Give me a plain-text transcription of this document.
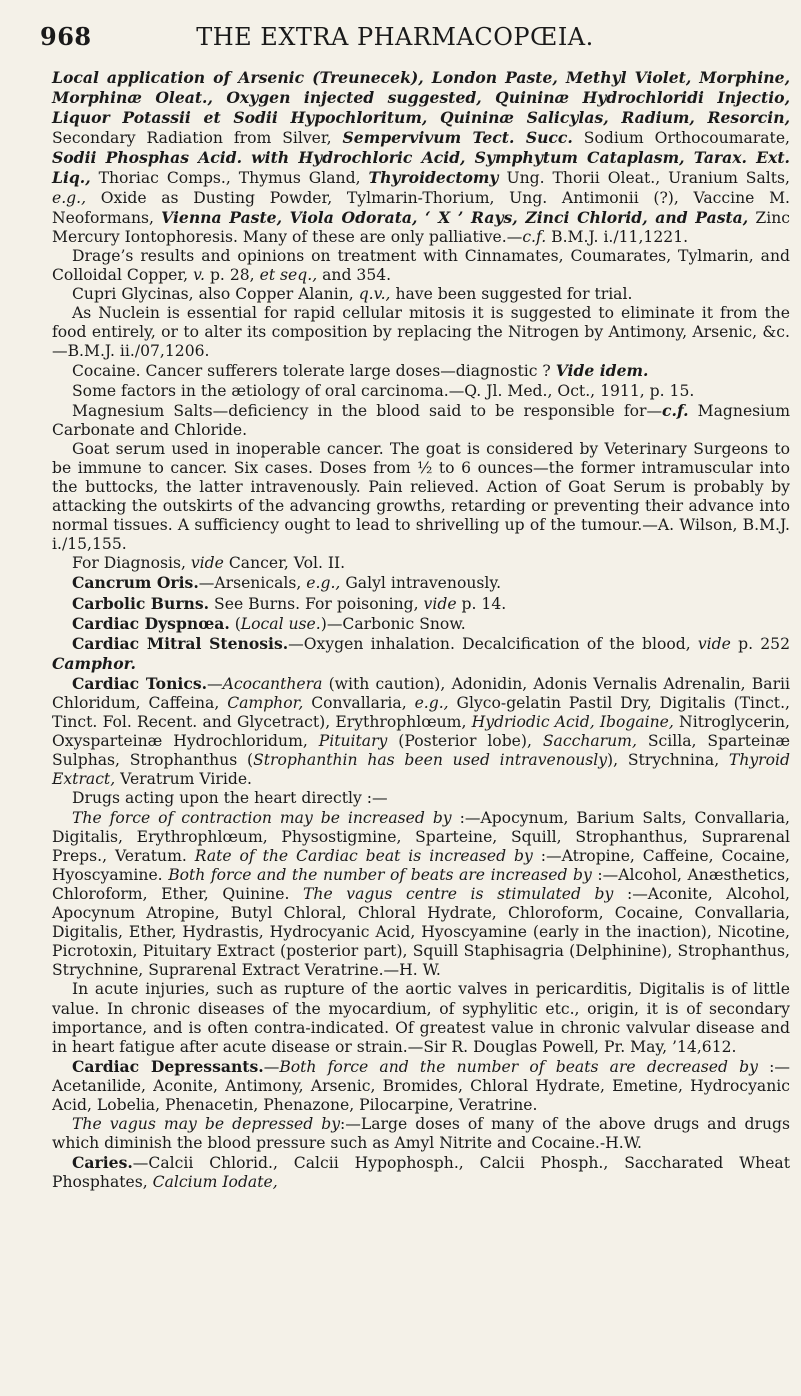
968	THE EXTRA PHARMACOPŒIA.

Local application of Arsenic (Treunecek), London Paste, Methyl Violet, Morphine, Morphinæ Oleat., Oxygen injected suggested, Quininæ Hydrochloridi Injectio, Liquor Potassii et Sodii Hypochloritum, Quininæ Salicylas, Radium, Resorcin, Secondary Radiation from Silver, Sempervivum Tect. Succ. Sodium Orthocoumarate, Sodii Phosphas Acid. with Hydrochloric Acid, Symphytum Cataplasm, Tarax. Ext. Liq., Thoriac Comps., Thymus Gland, Thyroidectomy Ung. Thorii Oleat., Uranium Salts, e.g., Oxide as Dusting Powder, Tylmarin-Thorium, Ung. Antimonii (?), Vaccine M. Neoformans, Vienna Paste, Viola Odorata, ‘ X ’ Rays, Zinci Chlorid, and Pasta, Zinc Mercury Iontophoresis. Many of these are only palliative.—c.f. B.M.J. i./11,1221.

Drage’s results and opinions on treatment with Cinnamates, Coumarates, Tylmarin, and Colloidal Copper, v. p. 28, et seq., and 354.

Cupri Glycinas, also Copper Alanin, q.v., have been suggested for trial.

As Nuclein is essential for rapid cellular mitosis it is suggested to eliminate it from the food entirely, or to alter its composition by replacing the Nitrogen by Antimony, Arsenic, &c.—B.M.J. ii./07,1206.

Cocaine. Cancer sufferers tolerate large doses—diagnostic ? Vide idem.

Some factors in the ætiology of oral carcinoma.—Q. Jl. Med., Oct., 1911, p. 15.

Magnesium Salts—deficiency in the blood said to be responsible for—c.f. Magnesium Carbonate and Chloride.

Goat serum used in inoperable cancer. The goat is considered by Veterinary Surgeons to be immune to cancer. Six cases. Doses from ½ to 6 ounces—the former intramuscular into the buttocks, the latter intravenously. Pain relieved. Action of Goat Serum is probably by attacking the outskirts of the advancing growths, retarding or preventing their advance into normal tissues. A sufficiency ought to lead to shrivelling up of the tumour.—A. Wilson, B.M.J. i./15,155.

For Diagnosis, vide Cancer, Vol. II.

Cancrum Oris.—Arsenicals, e.g., Galyl intravenously.

Carbolic Burns. See Burns. For poisoning, vide p. 14.

Cardiac Dyspnœa. (Local use.)—Carbonic Snow.

Cardiac Mitral Stenosis.—Oxygen inhalation. Decalcification of the blood, vide p. 252 Camphor.

Cardiac Tonics.—Acocanthera (with caution), Adonidin, Adonis Vernalis Adrenalin, Barii Chloridum, Caffeina, Camphor, Convallaria, e.g., Glyco-gelatin Pastil Dry, Digitalis (Tinct., Tinct. Fol. Recent. and Glycetract), Erythrophlœum, Hydriodic Acid, Ibogaine, Nitroglycerin, Oxysparteinæ Hydrochloridum, Pituitary (Posterior lobe), Saccharum, Scilla, Sparteinæ Sulphas, Strophanthus (Strophanthin has been used intravenously), Strychnina, Thyroid Extract, Veratrum Viride.

Drugs acting upon the heart directly :—

The force of contraction may be increased by :—Apocynum, Barium Salts, Convallaria, Digitalis, Erythrophlœum, Physostigmine, Sparteine, Squill, Strophanthus, Suprarenal Preps., Veratum. Rate of the Cardiac beat is increased by :—Atropine, Caffeine, Cocaine, Hyoscyamine. Both force and the number of beats are increased by :—Alcohol, Anæsthetics, Chloroform, Ether, Quinine. The vagus centre is stimulated by :—Aconite, Alcohol, Apocynum Atropine, Butyl Chloral, Chloral Hydrate, Chloroform, Cocaine, Convallaria, Digitalis, Ether, Hydrastis, Hydrocyanic Acid, Hyoscyamine (early in the inaction), Nicotine, Picrotoxin, Pituitary Extract (posterior part), Squill Staphisagria (Delphinine), Strophanthus, Strychnine, Suprarenal Extract Veratrine.—H. W.

In acute injuries, such as rupture of the aortic valves in pericarditis, Digitalis is of little value. In chronic diseases of the myocardium, of syphylitic etc., origin, it is of secondary importance, and is often contra-indicated. Of greatest value in chronic valvular disease and in heart fatigue after acute disease or strain.—Sir R. Douglas Powell, Pr. May, ’14,612.

Cardiac Depressants.—Both force and the number of beats are decreased by :—Acetanilide, Aconite, Antimony, Arsenic, Bromides, Chloral Hydrate, Emetine, Hydrocyanic Acid, Lobelia, Phenacetin, Phenazone, Pilocarpine, Veratrine.

The vagus may be depressed by:—Large doses of many of the above drugs and drugs which diminish the blood pressure such as Amyl Nitrite and Cocaine.-H.W.

Caries.—Calcii Chlorid., Calcii Hypophosph., Calcii Phosph., Saccharated Wheat Phosphates, Calcium Iodate,
